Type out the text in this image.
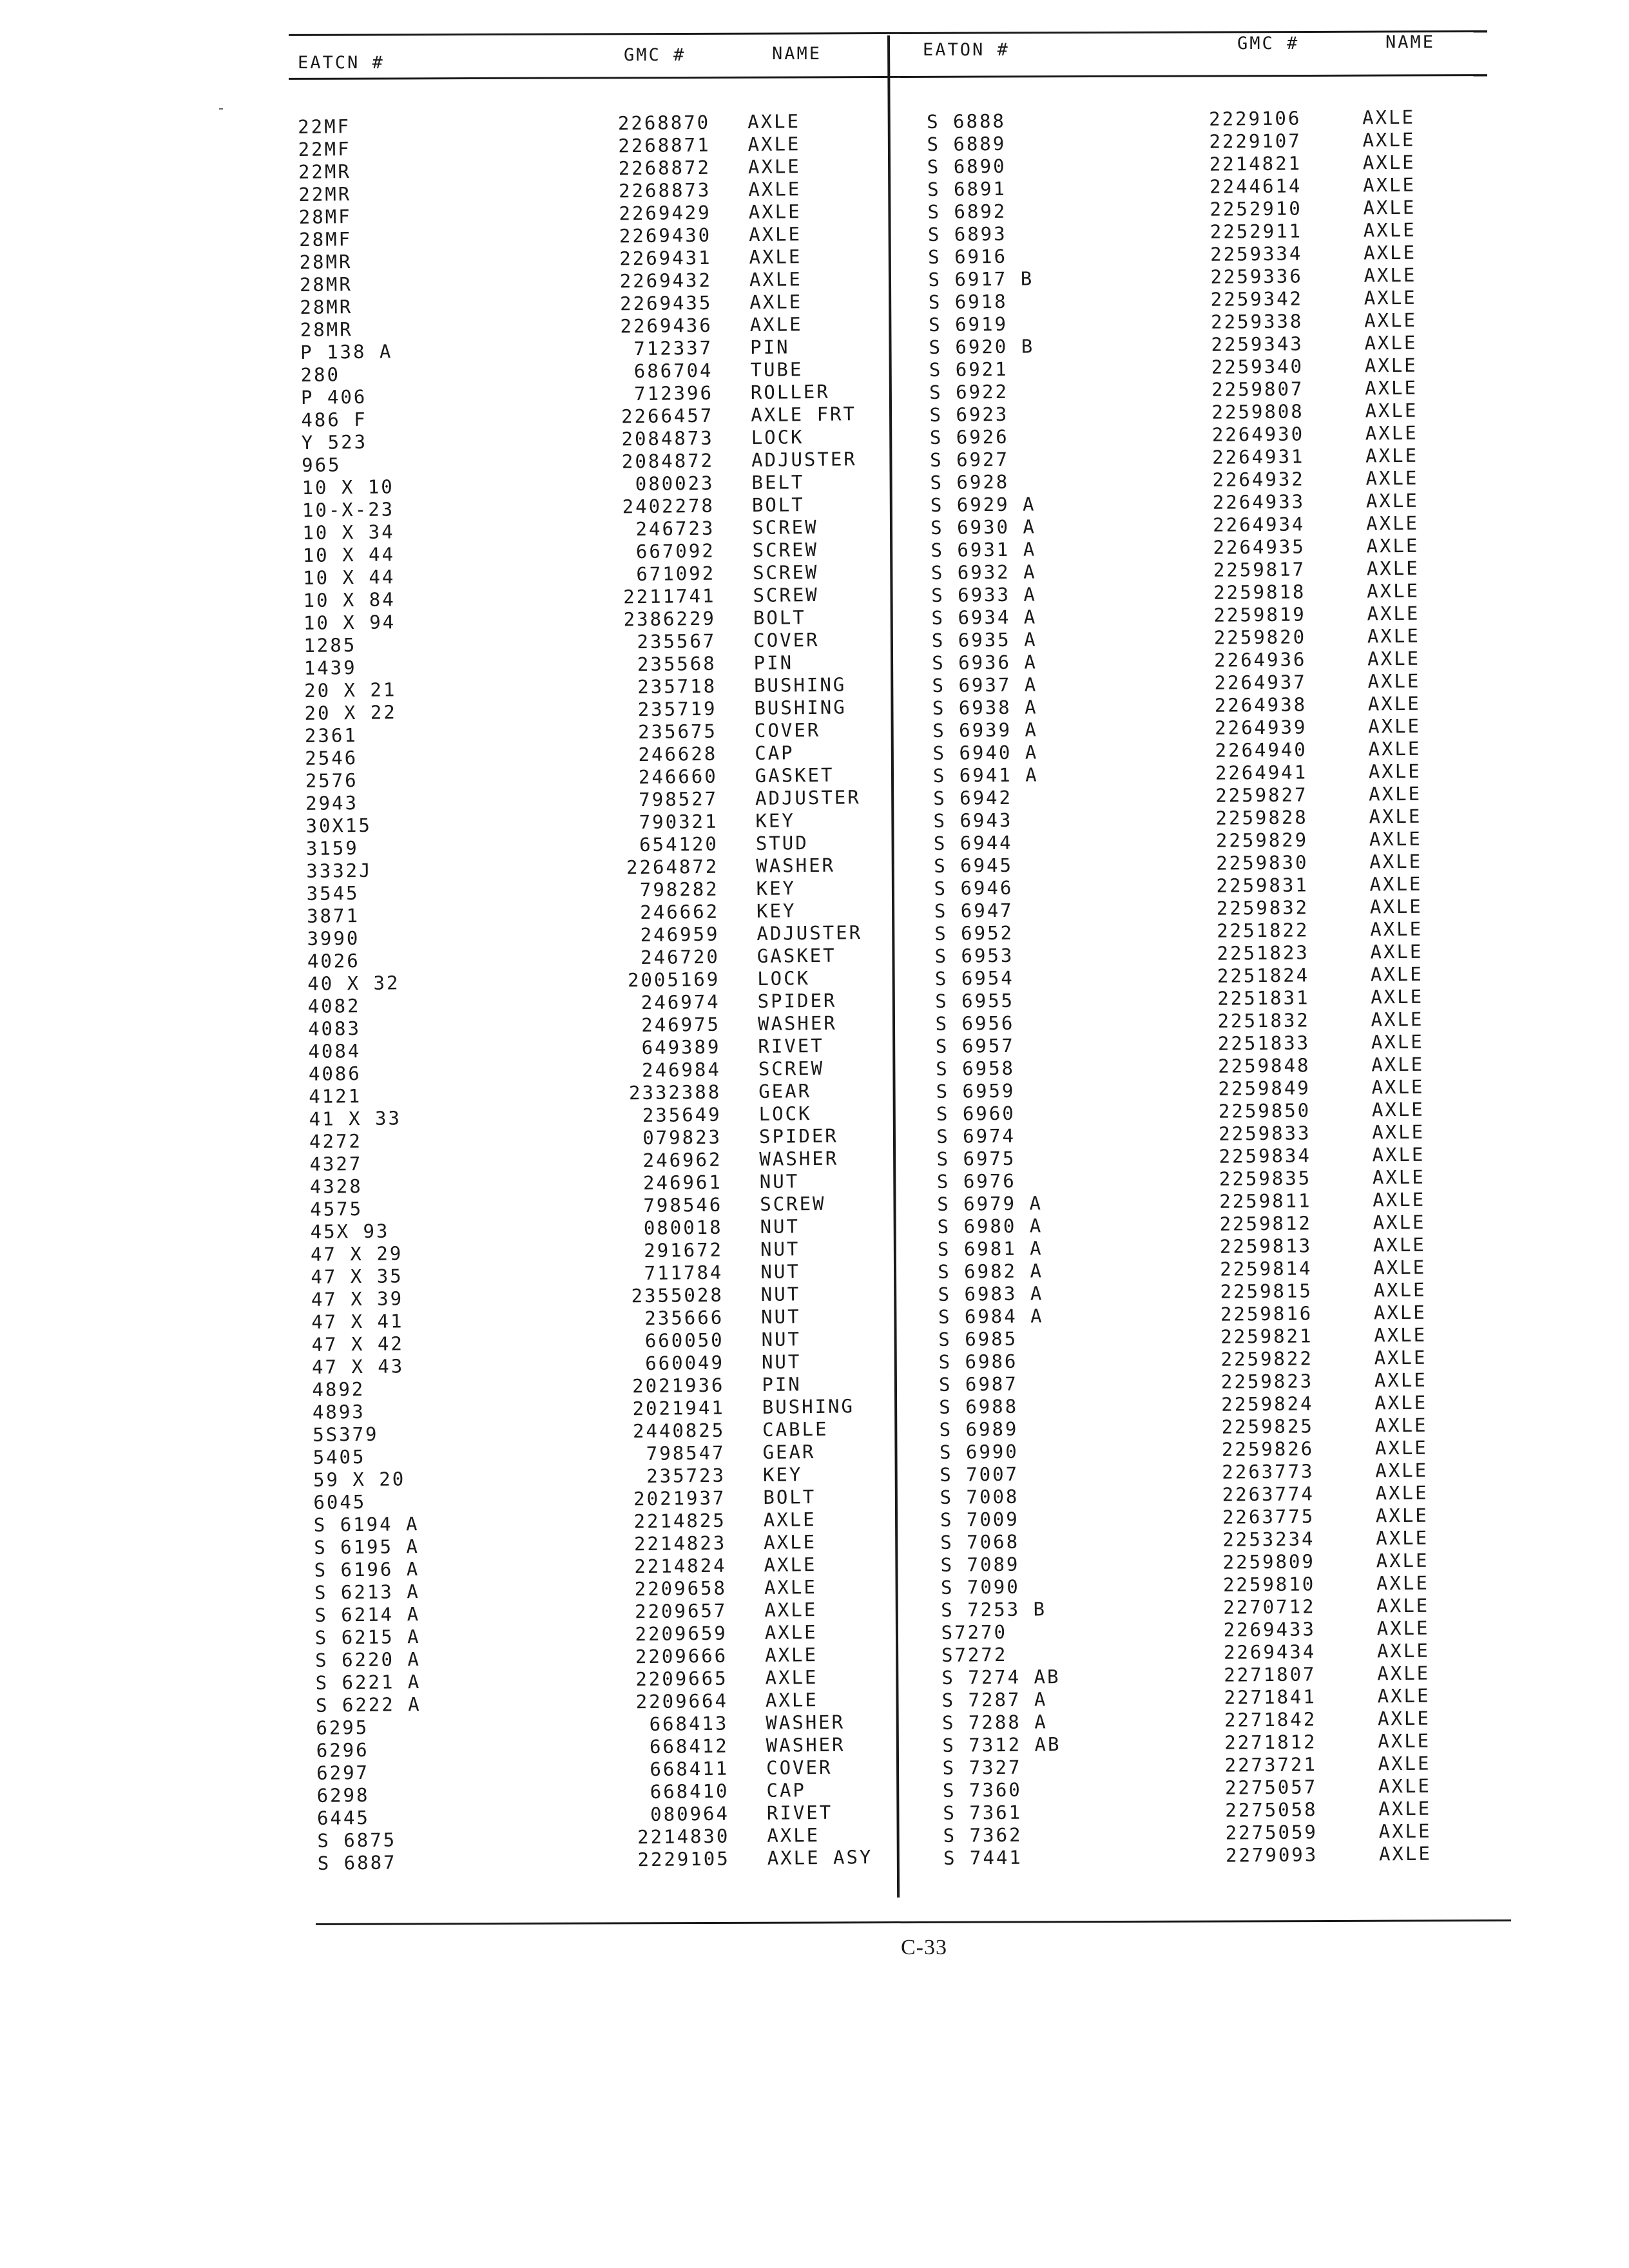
EATCN #	GMC #	NAME	EATON #	GMC #	NAME
22MF	2268870 AXLE
22MF	2268871 AXLE
22MR	2268872 AXLE
22MR	2268873 AXLE
28MF	2269429 AXLE
28MF	2269430 AXLE
28MR	2269431 AXLE
28MR	2269432 AXLE
28MR	2269435 AXLE
28MR	2269436 AXLE
P 138 A	712337 PIN
280	686704 TUBE
P 406	712396 ROLLER
486 F	2266457 AXLE FRT
Y 523	2084873 LOCK
965	2084872 ADJUSTER
10 X 10	080023 BELT
10-X-23	2402278 BOLT
10 X 34	246723 SCREW
10 X 44	667092 SCREW
10 X 44	671092 SCREW
10 X 84	2211741 SCREW
10 X 94	2386229 BOLT
1285	235567 COVER
1439	235568 PIN
20 X 21	235718 BUSHING
20 X 22	235719 BUSHING
2361	235675 COVER
2546	246628 CAP
2576	246660 GASKET
2943	798527 ADJUSTER
30X15	790321 KEY
3159	654120 STUD
3332J	2264872 WASHER
3545	798282 KEY
3871	246662 KEY
3990	246959 ADJUSTER
4026	246720 GASKET
40 X 32	2005169 LOCK
4082	246974 SPIDER
4083	246975 WASHER
4084	649389 RIVET
4086	246984 SCREW
4121	2332388 GEAR
41 X 33	235649 LOCK
4272	079823 SPIDER
4327	246962 WASHER
4328	246961 NUT
4575	798546 SCREW
45X 93	080018 NUT
47 X 29	291672 NUT
47 X 35	711784 NUT
47 X 39	2355028 NUT
47 X 41	235666 NUT
47 X 42	660050 NUT
47 X 43	660049 NUT
4892	2021936 PIN
4893	2021941 BUSHING
5S379	2440825 CABLE
5405	798547 GEAR
59 X 20	235723 KEY
6045	2021937 BOLT
S 6194 A	2214825 AXLE
S 6195 A	2214823 AXLE
S 6196 A	2214824 AXLE
S 6213 A	2209658 AXLE
S 6214 A	2209657 AXLE
S 6215 A	2209659 AXLE
S 6220 A	2209666 AXLE
S 6221 A	2209665 AXLE
S 6222 A	2209664 AXLE
6295	668413 WASHER
6296	668412 WASHER
6297	668411 COVER
6298	668410 CAP
6445	080964 RIVET
S 6875	2214830 AXLE
S 6887	2229105 AXLE ASY
S 6888	2229106	AXLE
S 6889	2229107	AXLE
S 6890	2214821	AXLE
S 6891	2244614	AXLE
S 6892	2252910	AXLE
S 6893	2252911	AXLE
S 6916	2259334	AXLE
S 6917 B	2259336	AXLE
S 6918	2259342	AXLE
S 6919	2259338	AXLE
S 6920 B	2259343	AXLE
S 6921	2259340	AXLE
S 6922	2259807	AXLE
S 6923	2259808	AXLE
S 6926	2264930	AXLE
S 6927	2264931	AXLE
S 6928	2264932	AXLE
S 6929 A	2264933	AXLE
S 6930 A	2264934	AXLE
S 6931 A	2264935	AXLE
S 6932 A	2259817	AXLE
S 6933 A	2259818	AXLE
S 6934 A	2259819	AXLE
S 6935 A	2259820	AXLE
S 6936 A	2264936	AXLE
S 6937 A	2264937	AXLE
S 6938 A	2264938	AXLE
S 6939 A	2264939	AXLE
S 6940 A	2264940	AXLE
S 6941 A	2264941	AXLE
S 6942	2259827	AXLE
S 6943	2259828	AXLE
S 6944	2259829	AXLE
S 6945	2259830	AXLE
S 6946	2259831	AXLE
S 6947	2259832	AXLE
S 6952	2251822	AXLE
S 6953	2251823	AXLE
S 6954	2251824	AXLE
S 6955	2251831	AXLE
S 6956	2251832	AXLE
S 6957	2251833	AXLE
S 6958	2259848	AXLE
S 6959	2259849	AXLE
S 6960	2259850	AXLE
S 6974	2259833	AXLE
S 6975	2259834	AXLE
S 6976	2259835	AXLE
S 6979 A	2259811	AXLE
S 6980 A	2259812	AXLE
S 6981 A	2259813	AXLE
S 6982 A	2259814	AXLE
S 6983 A	2259815	AXLE
S 6984 A	2259816	AXLE
S 6985	2259821	AXLE
S 6986	2259822	AXLE
S 6987	2259823	AXLE
S 6988	2259824	AXLE
S 6989	2259825	AXLE
S 6990	2259826	AXLE
S 7007	2263773	AXLE
S 7008	2263774	AXLE
S 7009	2263775	AXLE
S 7068	2253234	AXLE
S 7089	2259809	AXLE
S 7090	2259810	AXLE
S 7253 B	2270712	AXLE
S7270	2269433	AXLE
S7272	2269434	AXLE
S 7274 AB	2271807	AXLE
S 7287 A	2271841	AXLE
S 7288 A	2271842	AXLE
S 7312 AB	2271812	AXLE
S 7327	2273721	AXLE
S 7360	2275057	AXLE
S 7361	2275058	AXLE
S 7362	2275059	AXLE
S 7441	2279093	AXLE
C-33
